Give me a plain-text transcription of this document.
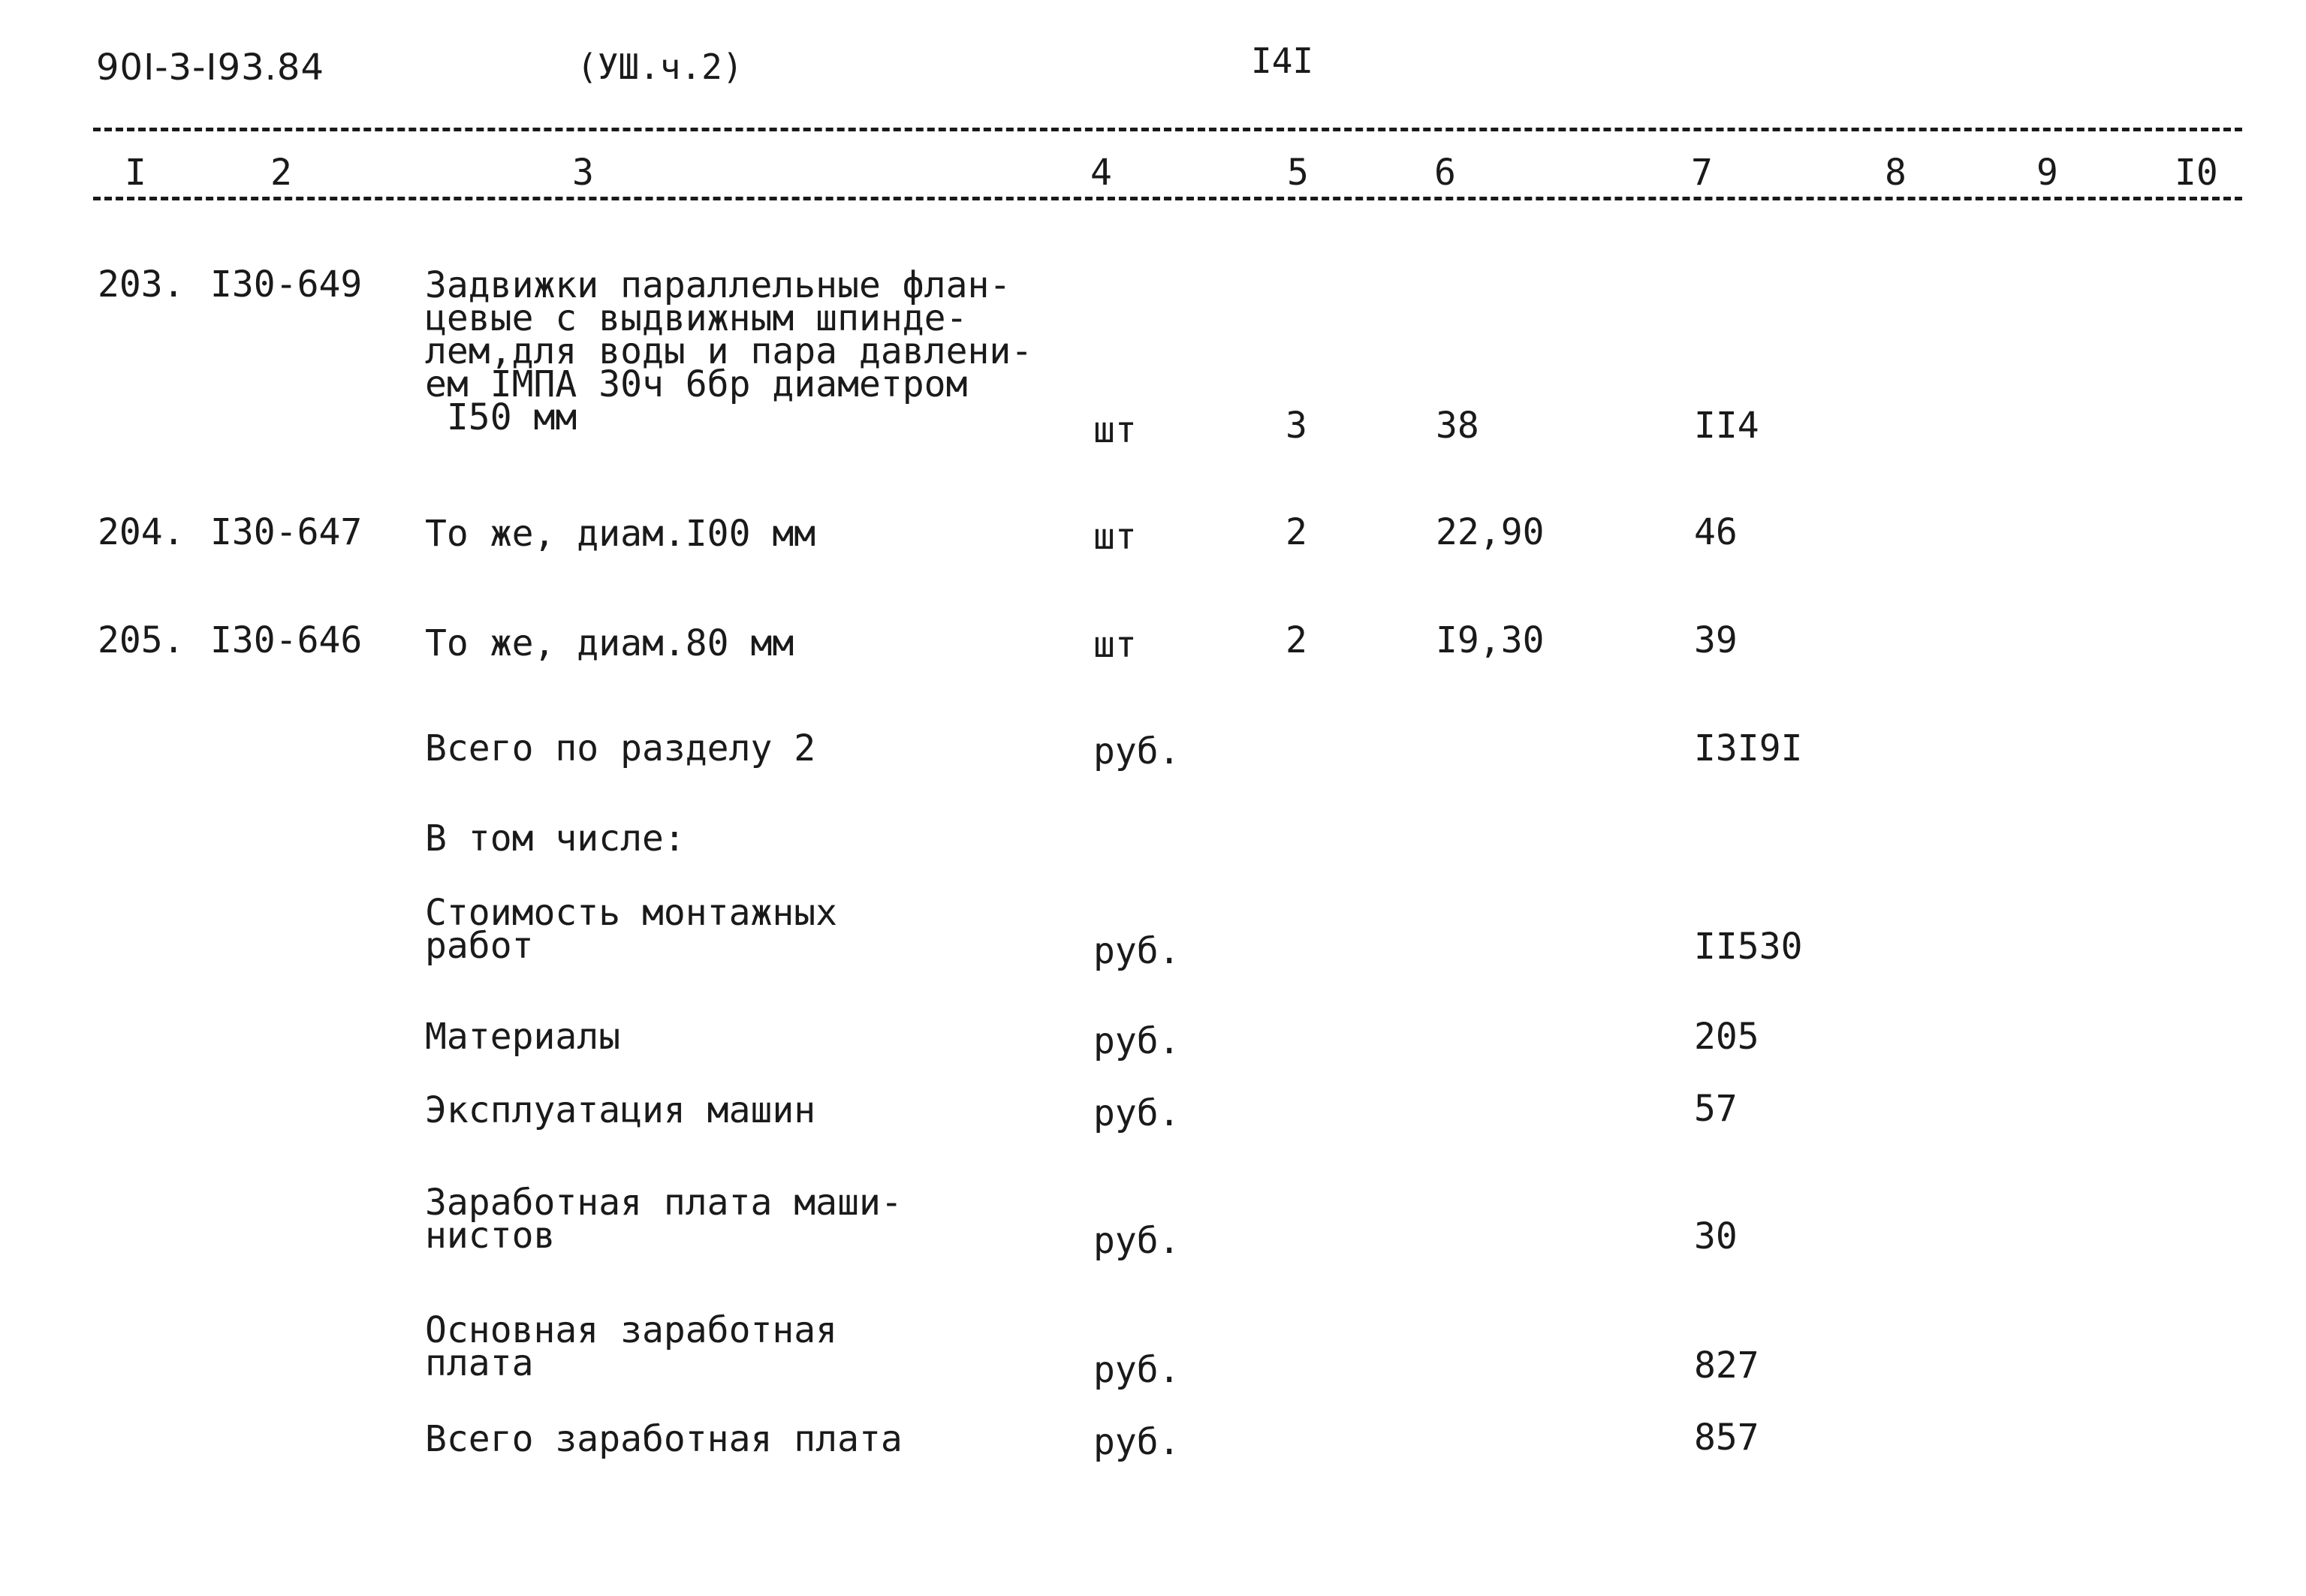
90I-3-I93.84	(УШ.ч.2)	I4I
I	2	3	4	5	6	7	8	9	I0
203. I30-649 Задвижки параллельные флан-
цевые с выдвижным шпинде-
лем,для воды и пара давлени-
ем IМПА 30ч 6бр диаметром
I50 мм	шт	3	38	II4
204. I30-647 То же, диам.I00 мм	шт	2	22,90	46
205. I30-646 То же, диам.80 мм	шт	2	I9,30	39
Всего по разделу 2	руб.	I3I9I
В том числе:
Стоимость монтажных
работ	руб.	II530
Материалы	руб.	205
Эксплуатация машин	руб.	57
Заработная плата маши-
нистов	руб.	30
Основная заработная
плата	руб.	827
Всего заработная плата	руб.	857
